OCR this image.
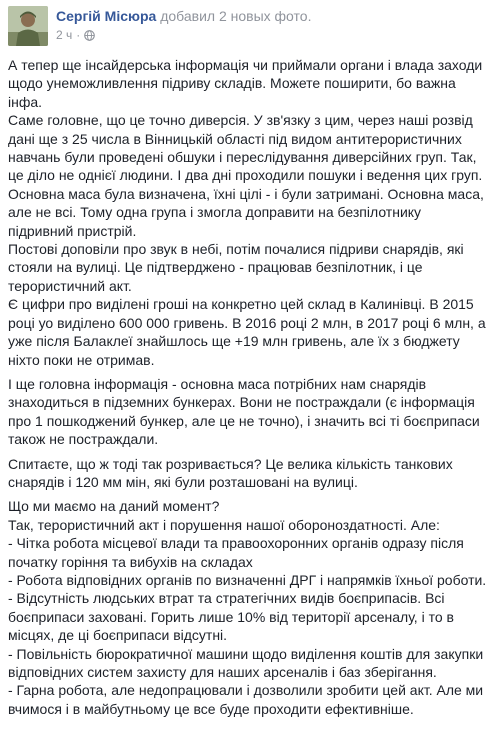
Сергій Місюра добавил 2 новых фото.
2 ч ·

А тепер ще інсайдерська інформація чи приймали органи і влада заходи щодо унеможливлення підриву складів. Можете поширити, бо важна інфа.

Саме головне, що це точно диверсія. У зв'язку з цим, через наші розвід дані ще з 25 числа в Вінницькій області під видом антитерористичних навчань були проведені обшуки і переслідування диверсійних груп. Так, це діло не однієї людини. І два дні проходили пошуки і ведення цих груп. Основна маса була визначена, їхні цілі - і були затримані. Основна маса, але не всі. Тому одна група і змогла доправити на безпілотнику підривний пристрій.

Постові доповіли про звук в небі, потім почалися підриви снарядів, які стояли на вулиці. Це підтверджено - працював безпілотник, і це терористичний акт.

Є цифри про виділені гроші на конкретно цей склад в Калинівці. В 2015 році уо виділено 600 000 гривень. В 2016 році 2 млн, в 2017 році 6 млн, а уже після Балаклеї знайшлось ще +19 млн гривень, але їх з бюджету ніхто поки не отримав.

І ще головна інформація - основна маса потрібних нам снарядів знаходиться в підземних бункерах. Вони не постраждали (є інформація про 1 пошкоджений бункер, але це не точно), і значить всі ті боєприпаси також не постраждали.

Спитаєте, що ж тоді так розривається? Це велика кількість танкових снарядів і 120 мм мін, які були розташовані на вулиці.

Що ми маємо на даний момент?

Так, терористичний акт і порушення нашої обороноздатності. Але:

- Чітка робота місцевої влади та правоохоронних органів одразу після початку горіння та вибухів на складах

- Робота відповідних органів по визначенні ДРГ і напрямків їхньої роботи.

- Відсутність людських втрат та стратегічних видів боєприпасів. Всі боєприпаси заховані. Горить лише 10% від території арсеналу, і то в місцях, де ці боєприпаси відсутні.

- Повільність бюрократичної машини щодо виділення коштів для закупки відповідних систем захисту для наших арсеналів і баз зберігання.

- Гарна робота, але недопрацювали і дозволили зробити цей акт. Але ми вчимося і в майбутньому це все буде проходити ефективніше.
